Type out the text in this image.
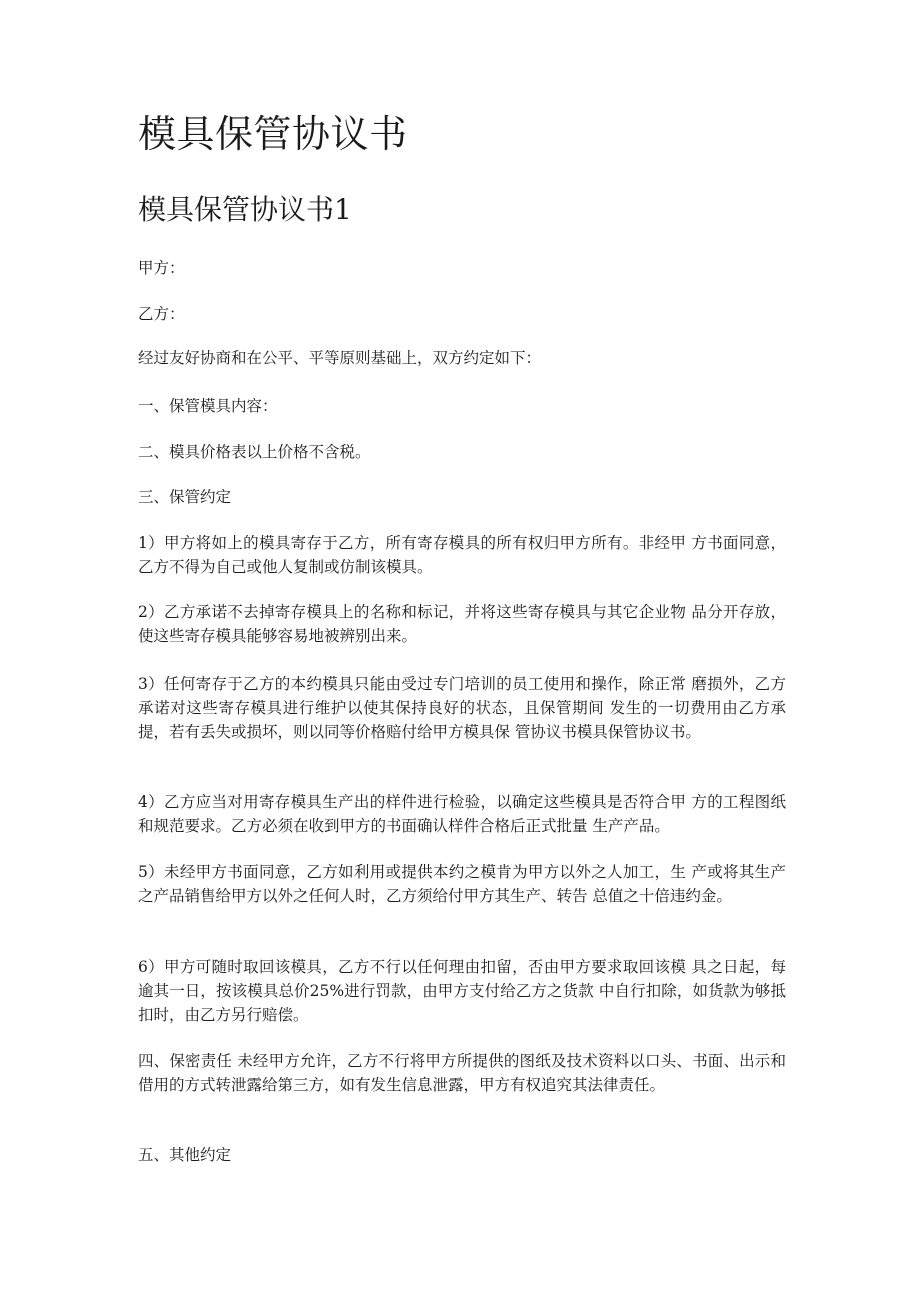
模具保管协议书
模具保管协议书1

甲方：

乙方：

经过友好协商和在公平、平等原则基础上，双方约定如下：

一、保管模具内容：

二、模具价格表以上价格不含税。

三、保管约定

1）甲方将如上的模具寄存于乙方，所有寄存模具的所有权归甲方所有。非经甲 方书面同意，乙方不得为自己或他人复制或仿制该模具。

2）乙方承诺不去掉寄存模具上的名称和标记，并将这些寄存模具与其它企业物 品分开存放，使这些寄存模具能够容易地被辨别出来。

3）任何寄存于乙方的本约模具只能由受过专门培训的员工使用和操作，除正常 磨损外，乙方承诺对这些寄存模具进行维护以使其保持良好的状态，且保管期间 发生的一切费用由乙方承提，若有丢失或损坏，则以同等价格赔付给甲方模具保 管协议书模具保管协议书。

4）乙方应当对用寄存模具生产出的样件进行检验，以确定这些模具是否符合甲 方的工程图纸和规范要求。乙方必须在收到甲方的书面确认样件合格后正式批量 生产产品。

5）未经甲方书面同意，乙方如利用或提供本约之模肯为甲方以外之人加工，生 产或将其生产之产品销售给甲方以外之任何人时，乙方须给付甲方其生产、转告 总值之十倍违约金。

6）甲方可随时取回该模具，乙方不行以任何理由扣留，否由甲方要求取回该模 具之日起，每逾其一日，按该模具总价25%进行罚款，由甲方支付给乙方之货款 中自行扣除，如货款为够抵扣时，由乙方另行赔偿。

四、保密责任 未经甲方允许，乙方不行将甲方所提供的图纸及技术资料以口头、书面、出示和 借用的方式转泄露给第三方，如有发生信息泄露，甲方有权追究其法律责任。

五、其他约定
